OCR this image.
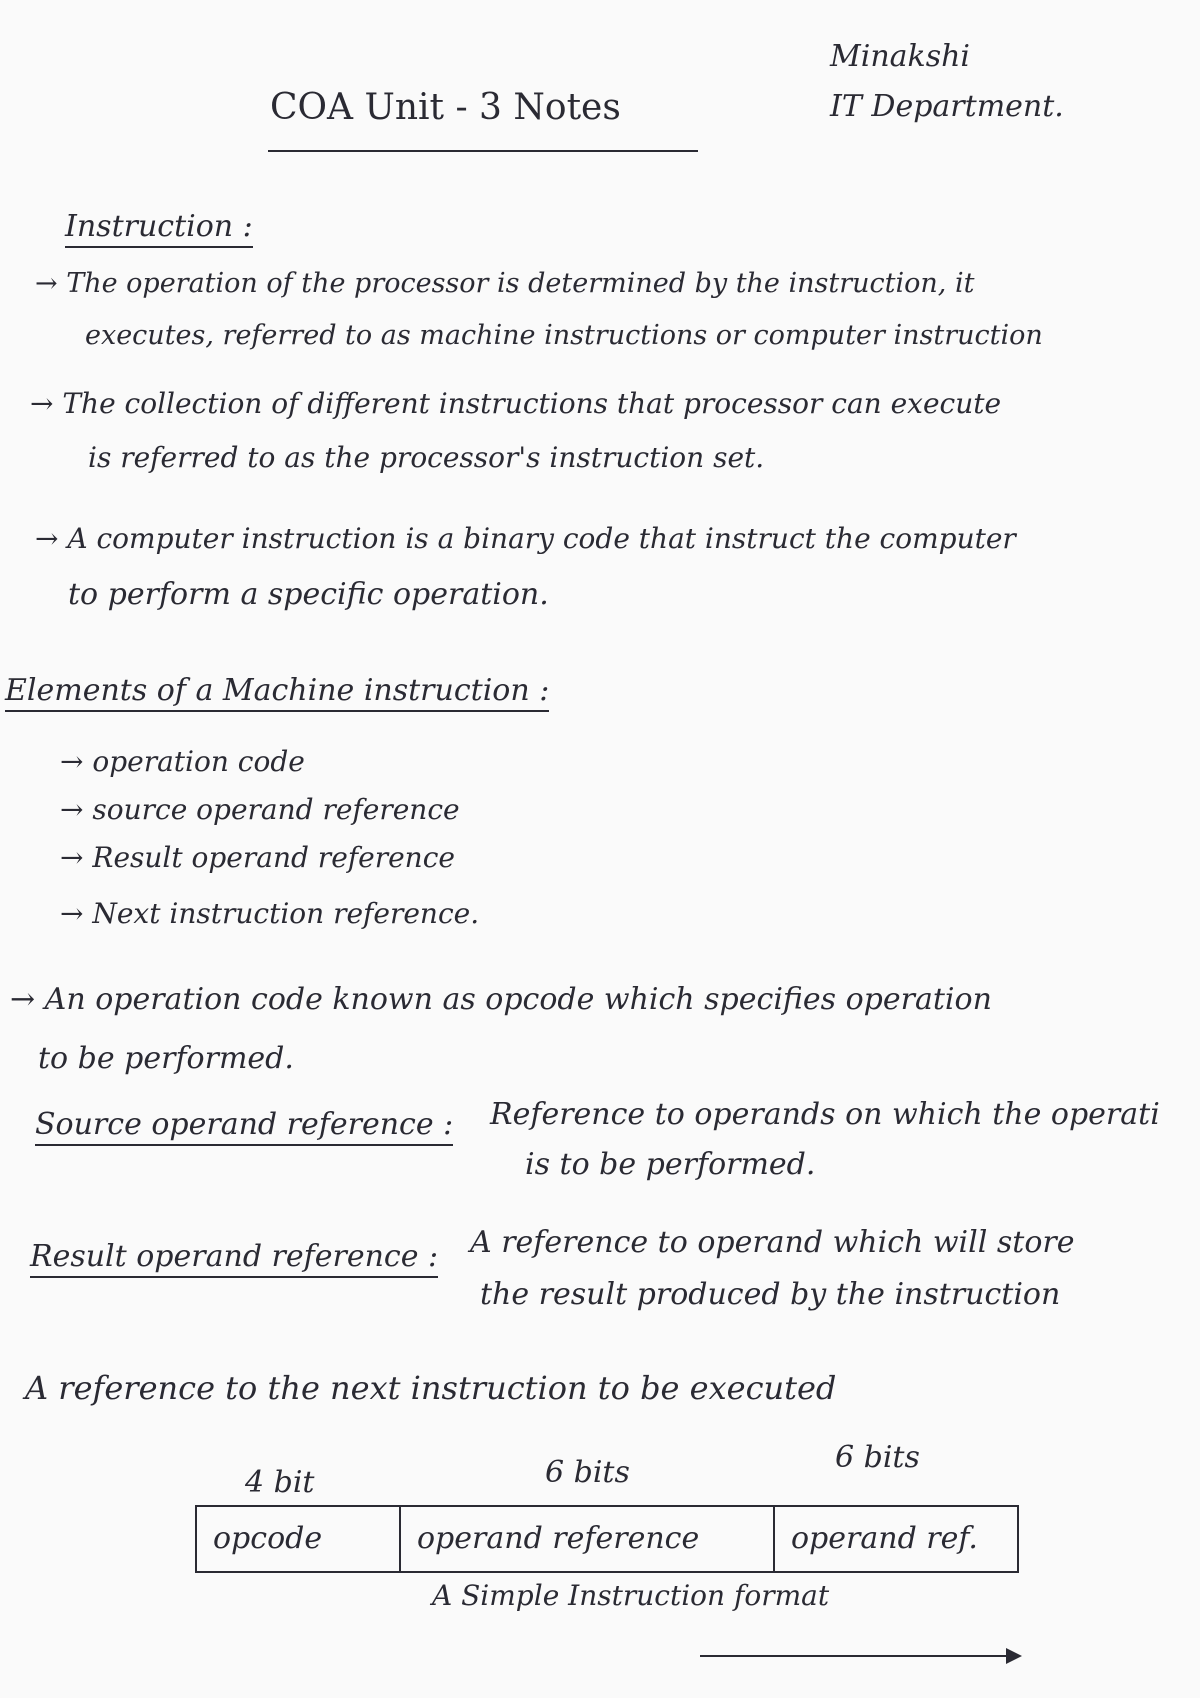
COA Unit - 3 Notes
Minakshi
IT Department.
Instruction :
→ The operation of the processor is determined by the instruction, it
executes, referred to as machine instructions or computer instruction
→ The collection of different instructions that processor can execute
is referred to as the processor's instruction set.
→ A computer instruction is a binary code that instruct the computer
to perform a specific operation.
Elements of a Machine instruction :
→ operation code
→ source operand reference
→ Result operand reference
→ Next instruction reference.
→ An operation code known as opcode which specifies operation
to be performed.
Source operand reference : Reference to operands on which the operati
is to be performed.
Result operand reference : A reference to operand which will store
the result produced by the instruction
A reference to the next instruction to be executed
4 bit	6 bits	6 bits
opcode	operand reference	operand ref.
A Simple Instruction format
